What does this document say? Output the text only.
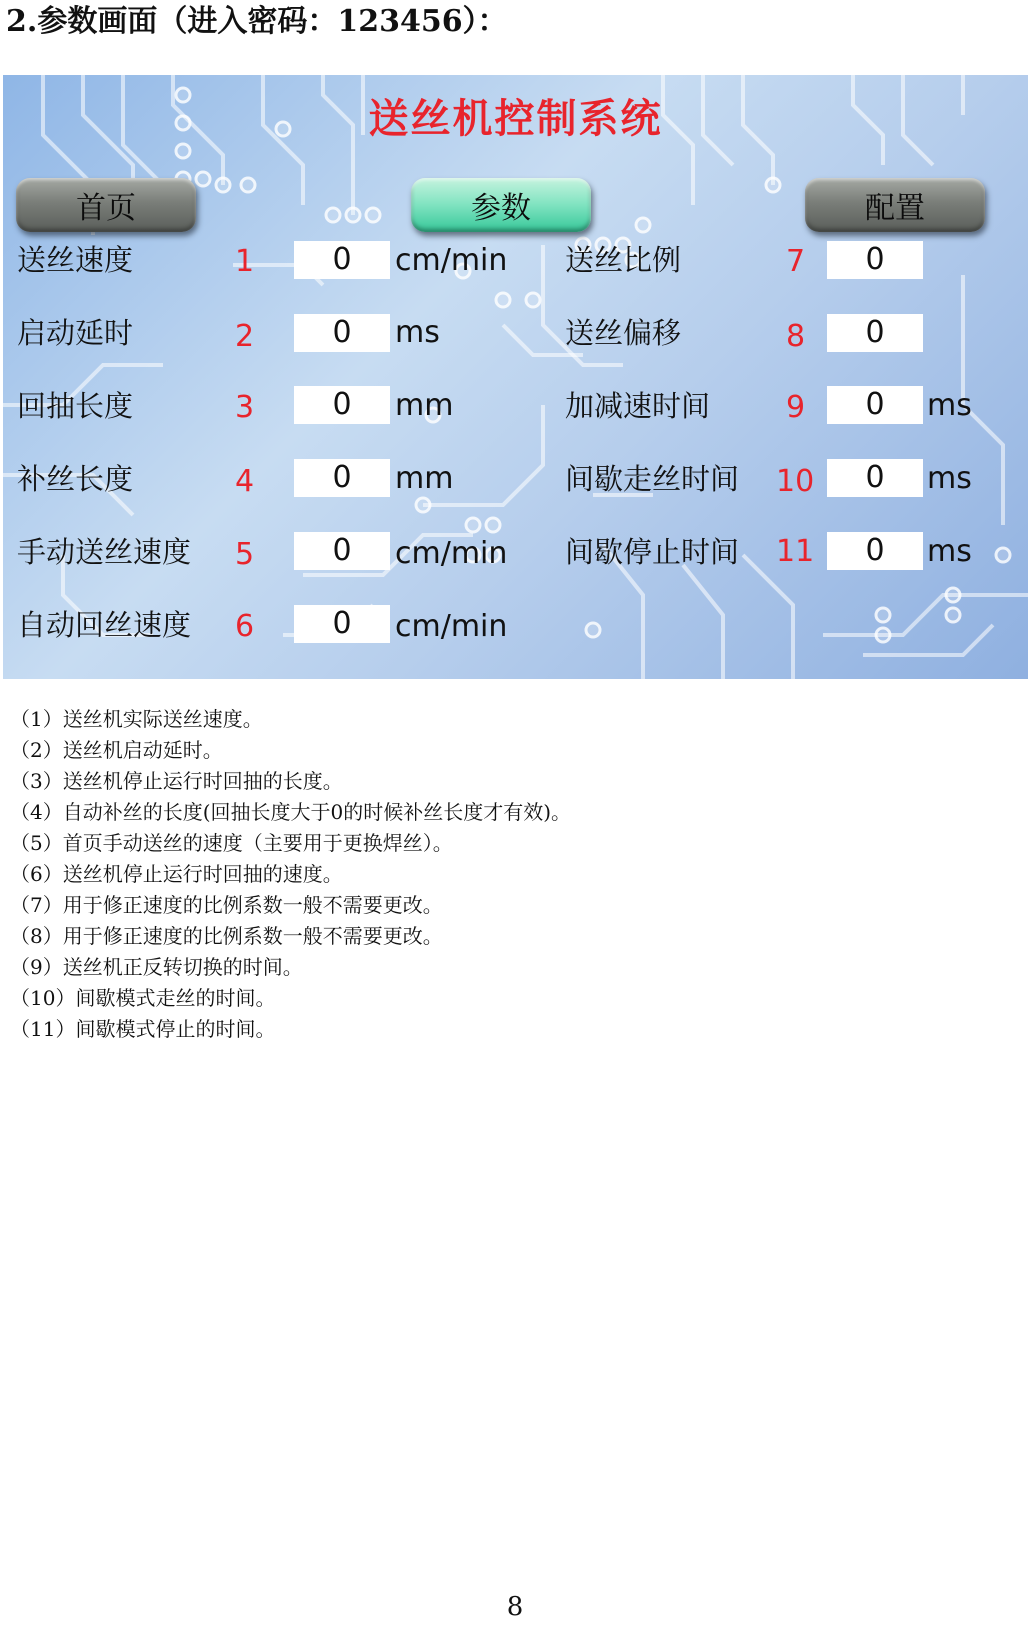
2.参数画面（进入密码：123456）：
送丝机控制系统
首页	参数	配置
送丝速度	1	0	cm/min
启动延时	2	0	ms
回抽长度	3	0	mm
补丝长度	4	0	mm
手动送丝速度 5	0	cm/min
自动回丝速度 6	0	cm/min
送丝比例	7	0
送丝偏移	8	0
加减速时间	9	0	ms
间歇走丝时间 10	0	ms
间歇停止时间 11	0	ms
（1）送丝机实际送丝速度。
（2）送丝机启动延时。
（3）送丝机停止运行时回抽的长度。
（4）自动补丝的长度(回抽长度大于0的时候补丝长度才有效)。
（5）首页手动送丝的速度（主要用于更换焊丝）。
（6）送丝机停止运行时回抽的速度。
（7）用于修正速度的比例系数一般不需要更改。
（8）用于修正速度的比例系数一般不需要更改。
（9）送丝机正反转切换的时间。
（10）间歇模式走丝的时间。
（11）间歇模式停止的时间。
8
